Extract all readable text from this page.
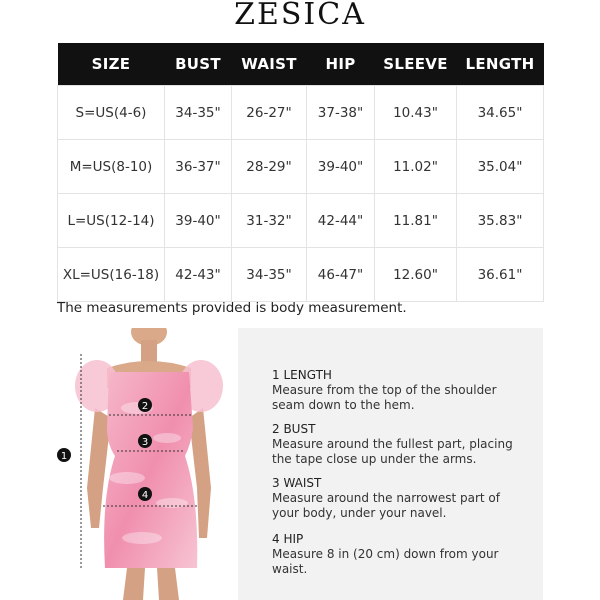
ZESICA
SIZE	BUST	WAIST	HIP	SLEEVE	LENGTH
S=US(4-6)	34-35"	26-27"	37-38"	10.43"	34.65"
M=US(8-10)	36-37"	28-29"	39-40"	11.02"	35.04"
L=US(12-14)	39-40"	31-32"	42-44"	11.81"	35.83"
XL=US(16-18)	42-43"	34-35"	46-47"	12.60"	36.61"
The measurements provided is body measurement.
1
2
3
4
1 LENGTH
Measure from the top of the shoulder
seam down to the hem.
2 BUST
Measure around the fullest part, placing
the tape close up under the arms.
3 WAIST
Measure around the narrowest part of
your body, under your navel.
4 HIP
Measure 8 in (20 cm) down from your waist.
